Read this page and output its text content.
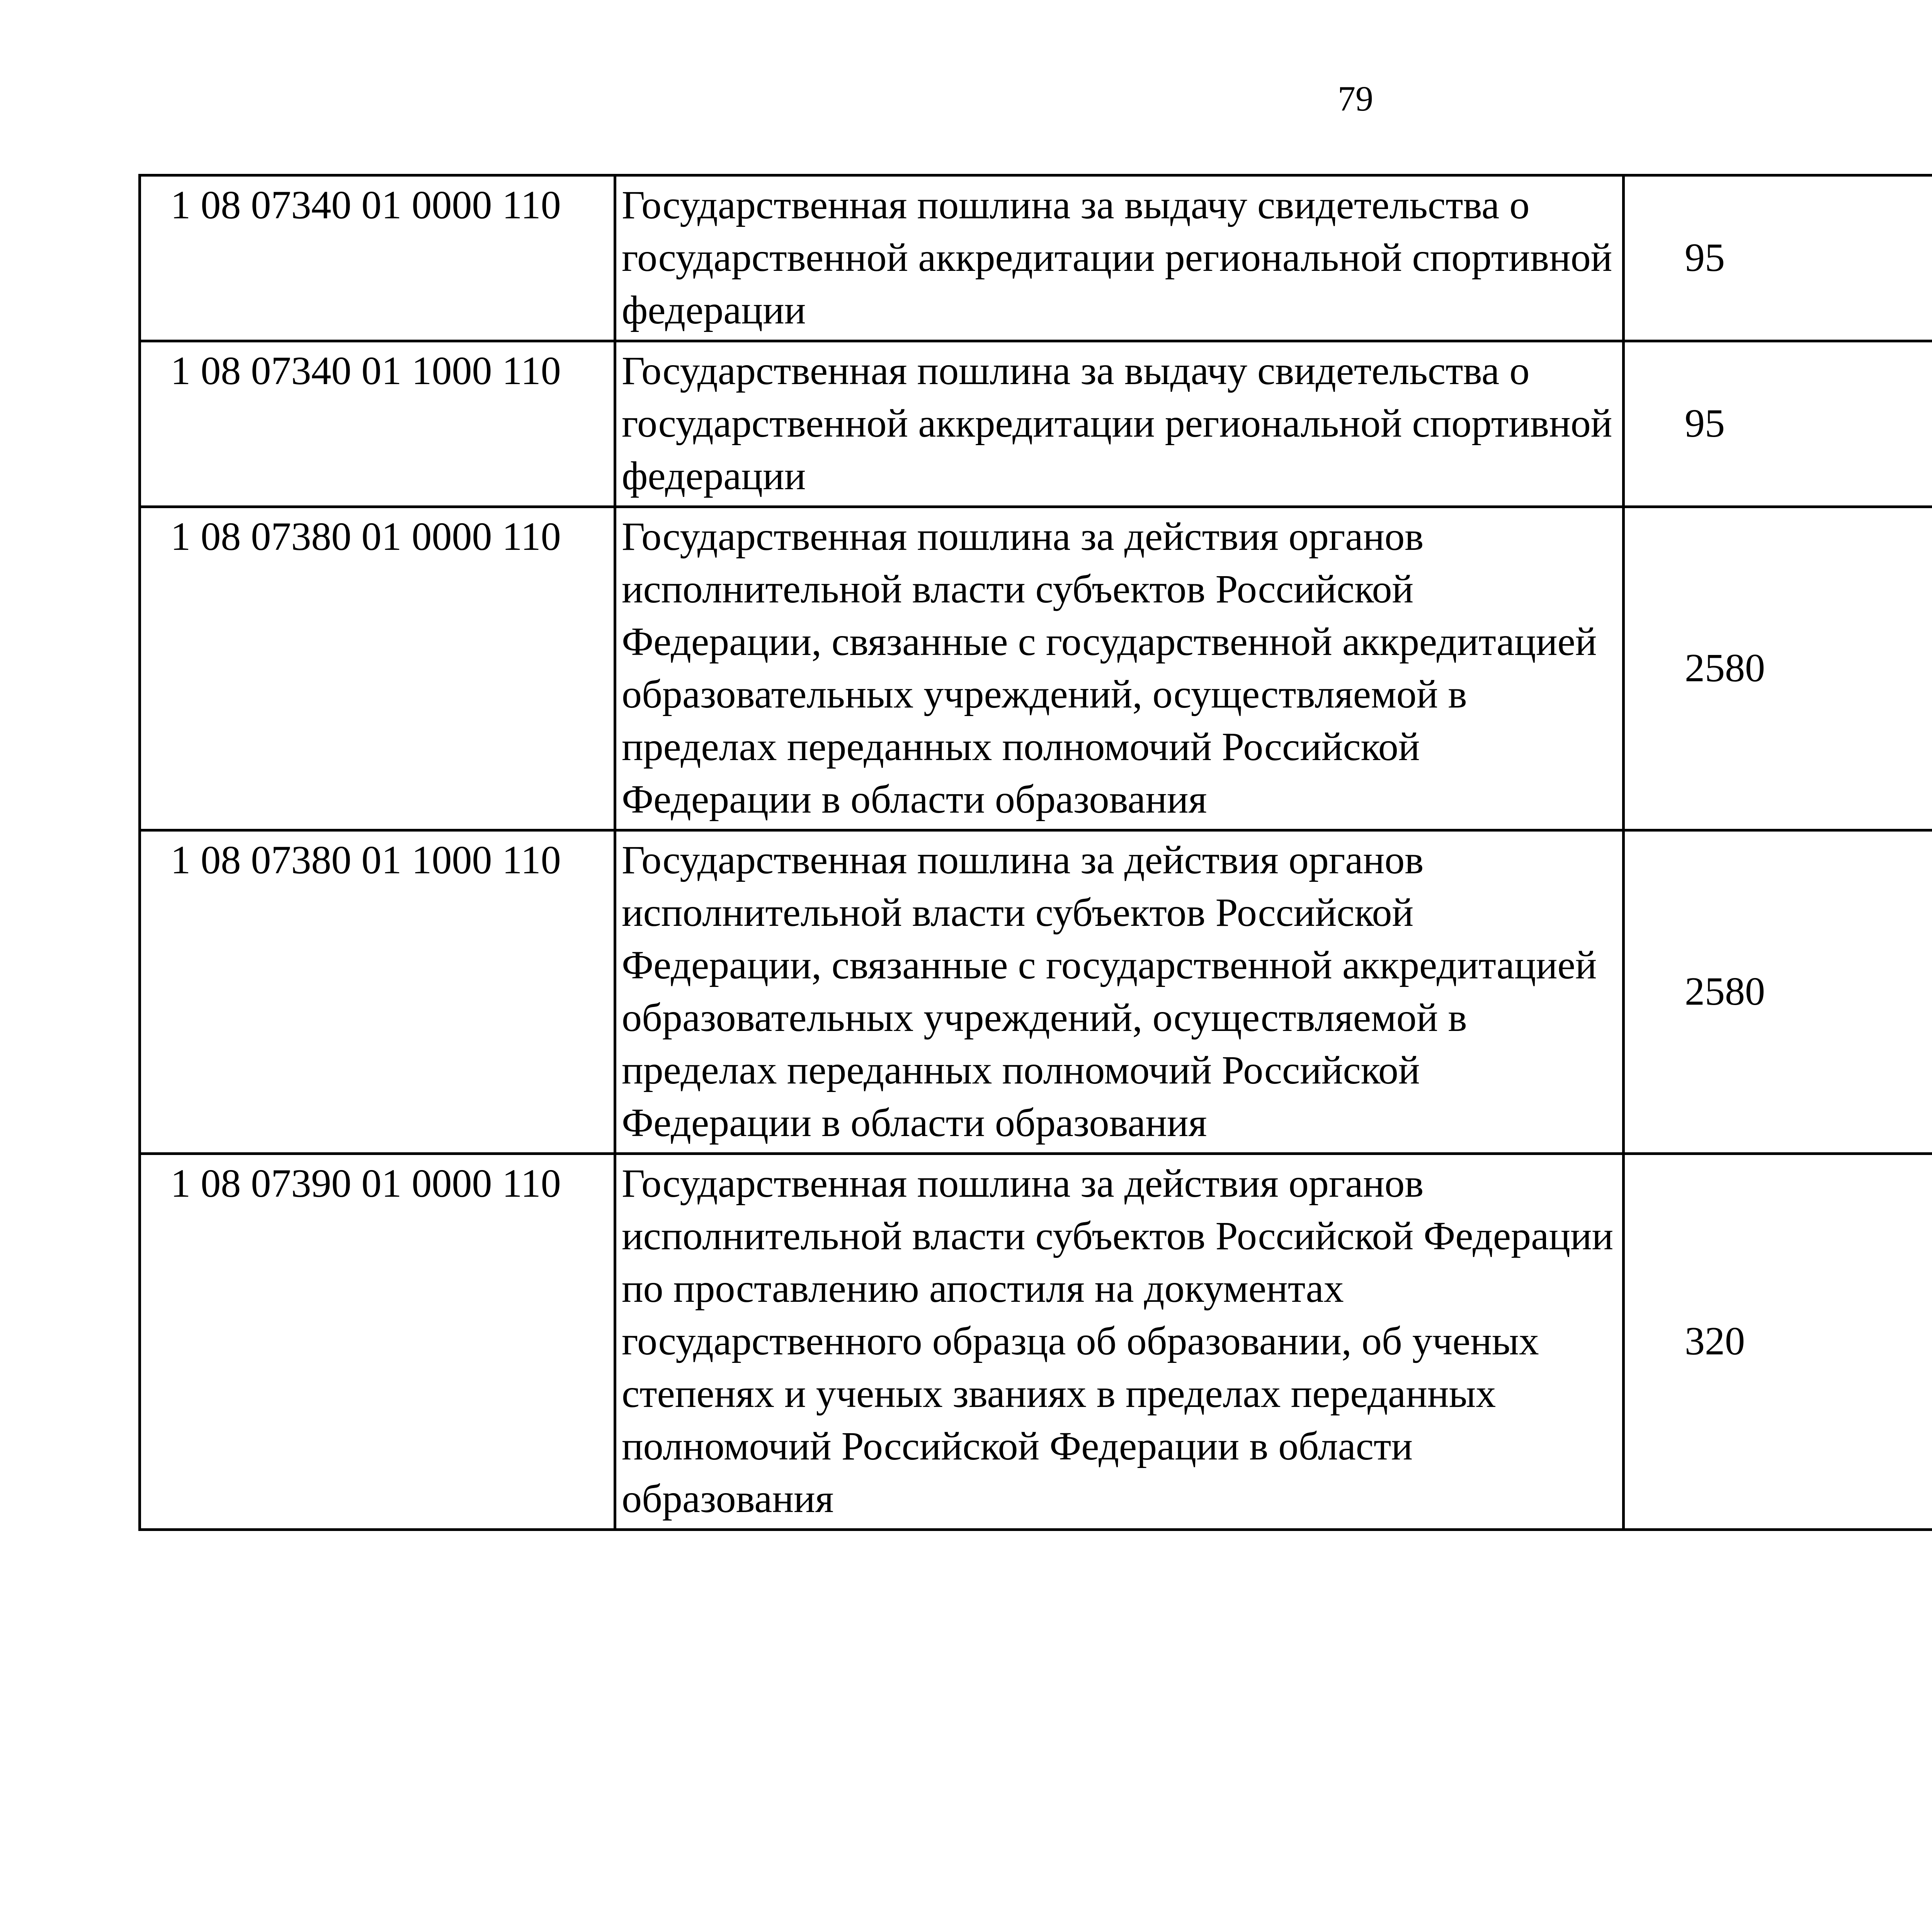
79
1 08 07340 01 0000 110	Государственная пошлина за выдачу свидетельства о государственной аккредитации региональной спортивной федерации	95		
1 08 07340 01 1000 110	Государственная пошлина за выдачу свидетельства о государственной аккредитации региональной спортивной федерации	95		
1 08 07380 01 0000 110	Государственная пошлина за действия органов исполнительной власти субъектов Российской Федерации, связанные с государственной аккредитацией образовательных учреждений, осуществляемой в пределах переданных полномочий Российской Федерации в области образования	2580		
1 08 07380 01 1000 110	Государственная пошлина за действия органов исполнительной власти субъектов Российской Федерации, связанные с государственной аккредитацией образовательных учреждений, осуществляемой в пределах переданных полномочий Российской Федерации в области образования	2580		
1 08 07390 01 0000 110	Государственная пошлина за действия органов исполнительной власти субъектов Российской Федерации по проставлению апостиля на документах государственного образца об образовании, об ученых степенях и ученых званиях в пределах переданных полномочий Российской Федерации в области образования	320		
